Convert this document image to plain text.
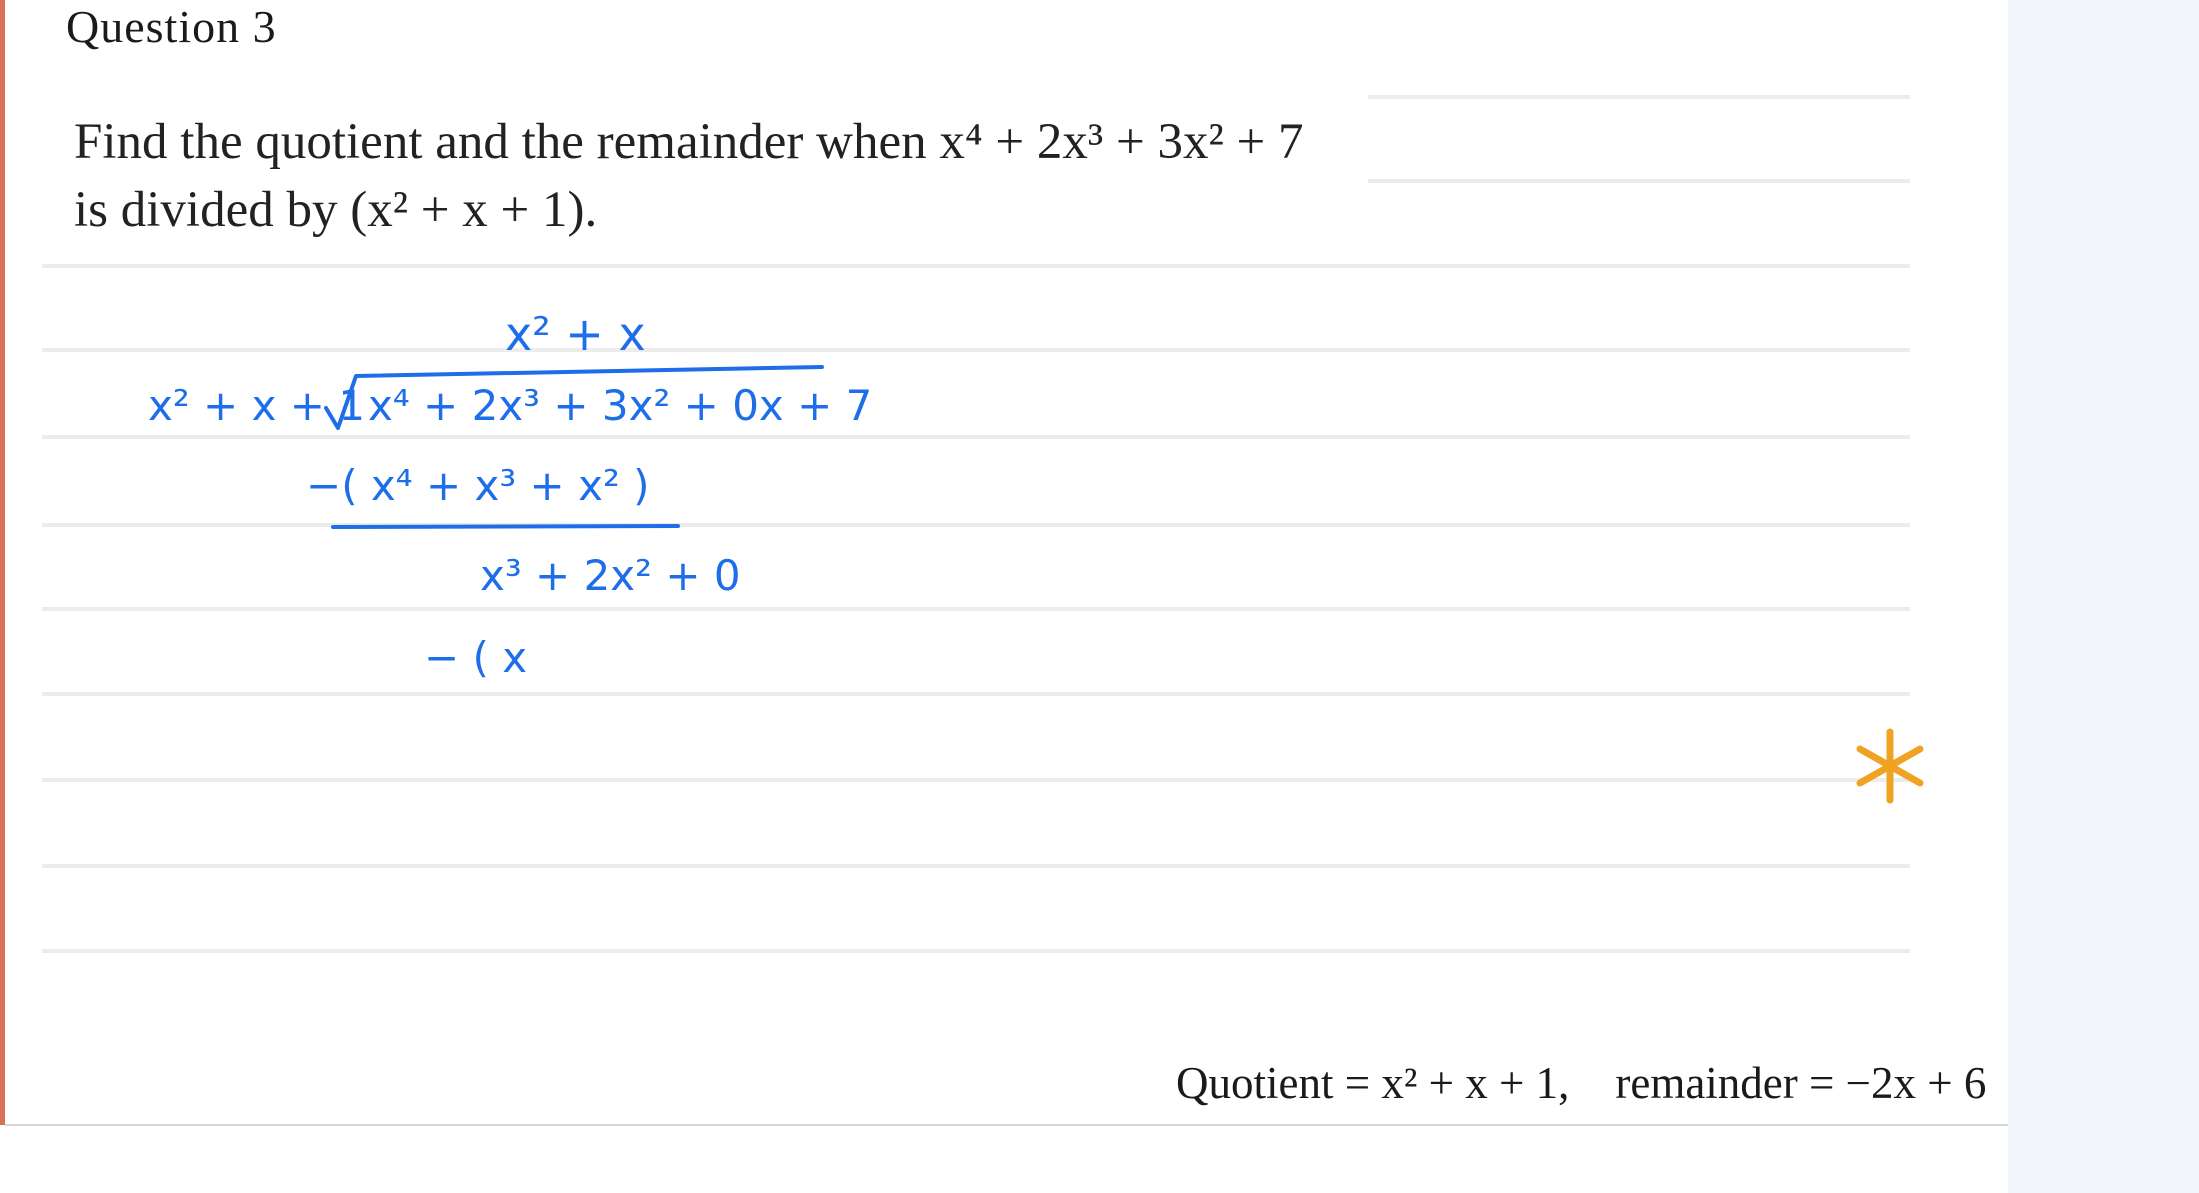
Question 3
Find the quotient and the remainder when x⁴ + 2x³ + 3x² + 7
is divided by (x² + x + 1).
x² + x
x² + x + 1 x⁴ + 2x³ + 3x² + 0x + 7
−( x⁴ + x³ + x² )
x³ + 2x² + 0
− ( x
Quotient = x² + x + 1, remainder = −2x + 6
